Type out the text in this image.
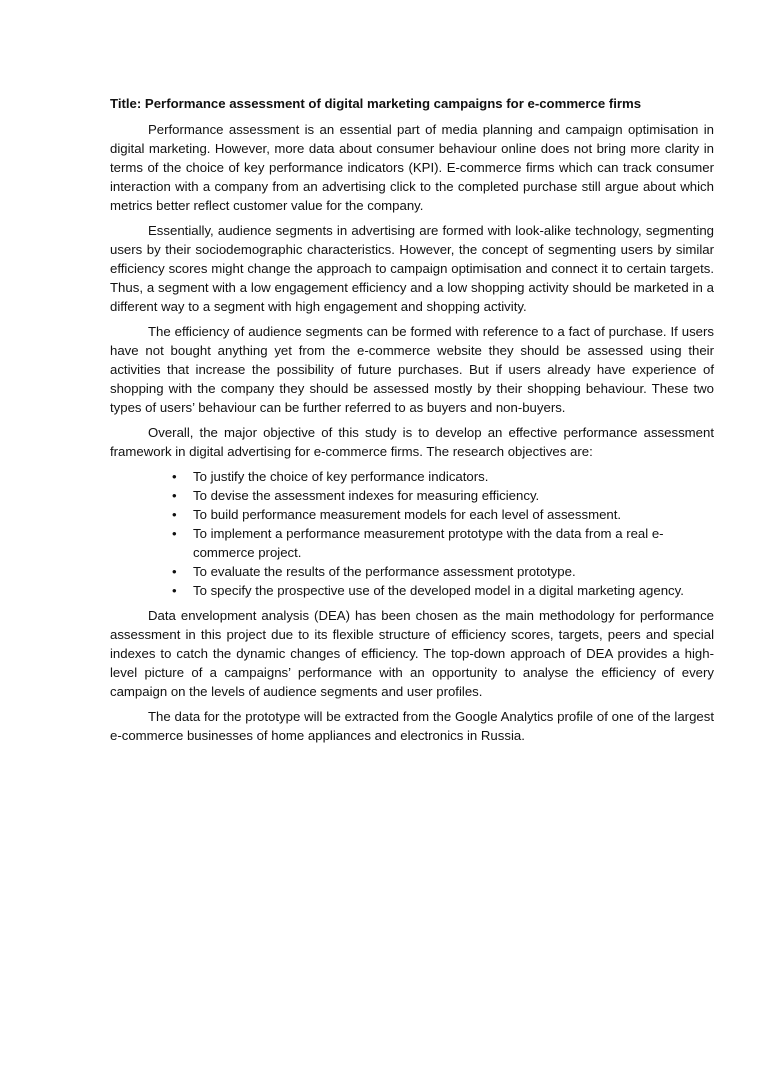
Title: Performance assessment of digital marketing campaigns for e-commerce firms

Performance assessment is an essential part of media planning and campaign optimisation in digital marketing. However, more data about consumer behaviour online does not bring more clarity in terms of the choice of key performance indicators (KPI). E-commerce firms which can track consumer interaction with a company from an advertising click to the completed purchase still argue about which metrics better reflect customer value for the company.

Essentially, audience segments in advertising are formed with look-alike technology, segmenting users by their sociodemographic characteristics. However, the concept of segmenting users by similar efficiency scores might change the approach to campaign optimisation and connect it to certain targets. Thus, a segment with a low engagement efficiency and a low shopping activity should be marketed in a different way to a segment with high engagement and shopping activity.

The efficiency of audience segments can be formed with reference to a fact of purchase. If users have not bought anything yet from the e-commerce website they should be assessed using their activities that increase the possibility of future purchases. But if users already have experience of shopping with the company they should be assessed mostly by their shopping behaviour. These two types of users’ behaviour can be further referred to as buyers and non-buyers.

Overall, the major objective of this study is to develop an effective performance assessment framework in digital advertising for e-commerce firms. The research objectives are:

• To justify the choice of key performance indicators.
• To devise the assessment indexes for measuring efficiency.
• To build performance measurement models for each level of assessment.
• To implement a performance measurement prototype with the data from a real e-commerce project.
• To evaluate the results of the performance assessment prototype.
• To specify the prospective use of the developed model in a digital marketing agency.

Data envelopment analysis (DEA) has been chosen as the main methodology for performance assessment in this project due to its flexible structure of efficiency scores, targets, peers and special indexes to catch the dynamic changes of efficiency. The top-down approach of DEA provides a high-level picture of a campaigns’ performance with an opportunity to analyse the efficiency of every campaign on the levels of audience segments and user profiles.

The data for the prototype will be extracted from the Google Analytics profile of one of the largest e-commerce businesses of home appliances and electronics in Russia.
